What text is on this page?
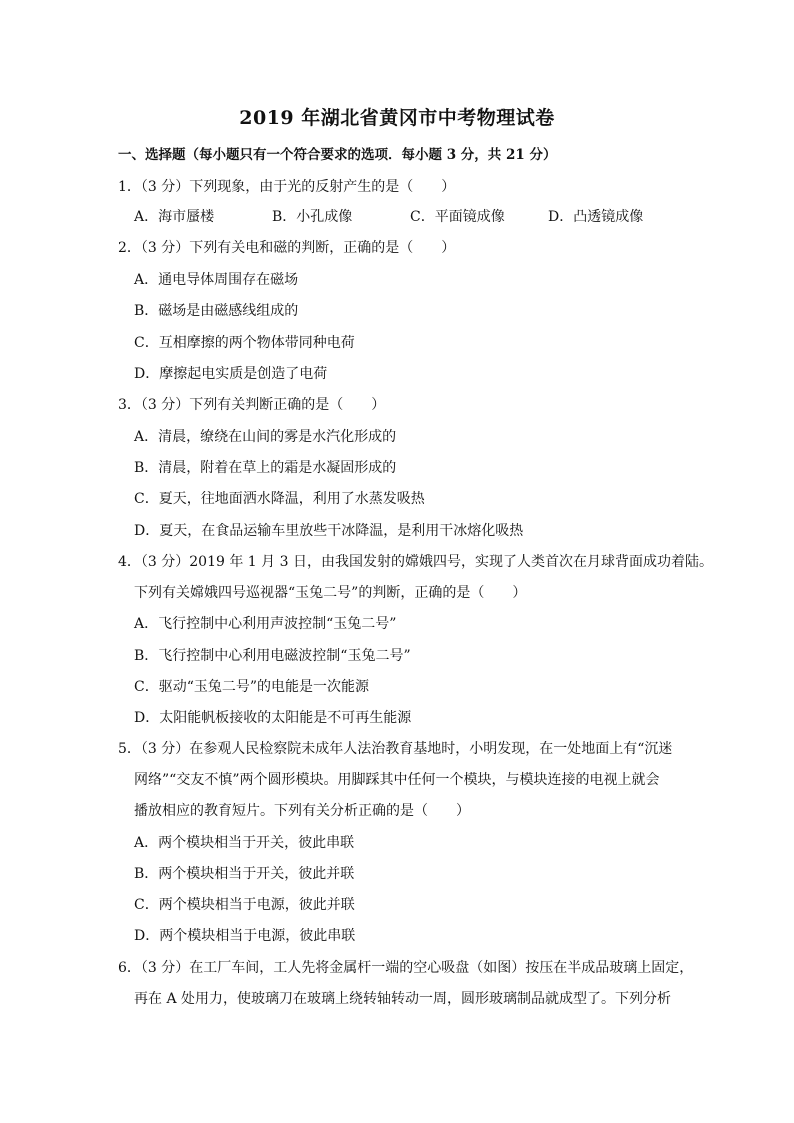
2019 年湖北省黄冈市中考物理试卷
一、选择题（每小题只有一个符合要求的选项．每小题 3 分，共 21 分）
1．（3 分）下列现象，由于光的反射产生的是（　　）
A．海市蜃楼	B．小孔成像	C．平面镜成像	D．凸透镜成像
2．（3 分）下列有关电和磁的判断，正确的是（　　）
A．通电导体周围存在磁场
B．磁场是由磁感线组成的
C．互相摩擦的两个物体带同种电荷
D．摩擦起电实质是创造了电荷
3．（3 分）下列有关判断正确的是（　　）
A．清晨，缭绕在山间的雾是水汽化形成的
B．清晨，附着在草上的霜是水凝固形成的
C．夏天，往地面洒水降温，利用了水蒸发吸热
D．夏天，在食品运输车里放些干冰降温，是利用干冰熔化吸热
4．（3 分）2019 年 1 月 3 日，由我国发射的嫦娥四号，实现了人类首次在月球背面成功着陆。
下列有关嫦娥四号巡视器“玉兔二号”的判断，正确的是（　　）
A．飞行控制中心利用声波控制“玉兔二号”
B．飞行控制中心利用电磁波控制“玉兔二号”
C．驱动“玉兔二号”的电能是一次能源
D．太阳能帆板接收的太阳能是不可再生能源
5．（3 分）在参观人民检察院未成年人法治教育基地时，小明发现，在一处地面上有“沉迷
网络”“交友不慎”两个圆形模块。用脚踩其中任何一个模块，与模块连接的电视上就会
播放相应的教育短片。下列有关分析正确的是（　　）
A．两个模块相当于开关，彼此串联
B．两个模块相当于开关，彼此并联
C．两个模块相当于电源，彼此并联
D．两个模块相当于电源，彼此串联
6．（3 分）在工厂车间，工人先将金属杆一端的空心吸盘（如图）按压在半成品玻璃上固定，
再在 A 处用力，使玻璃刀在玻璃上绕转轴转动一周，圆形玻璃制品就成型了。下列分析
